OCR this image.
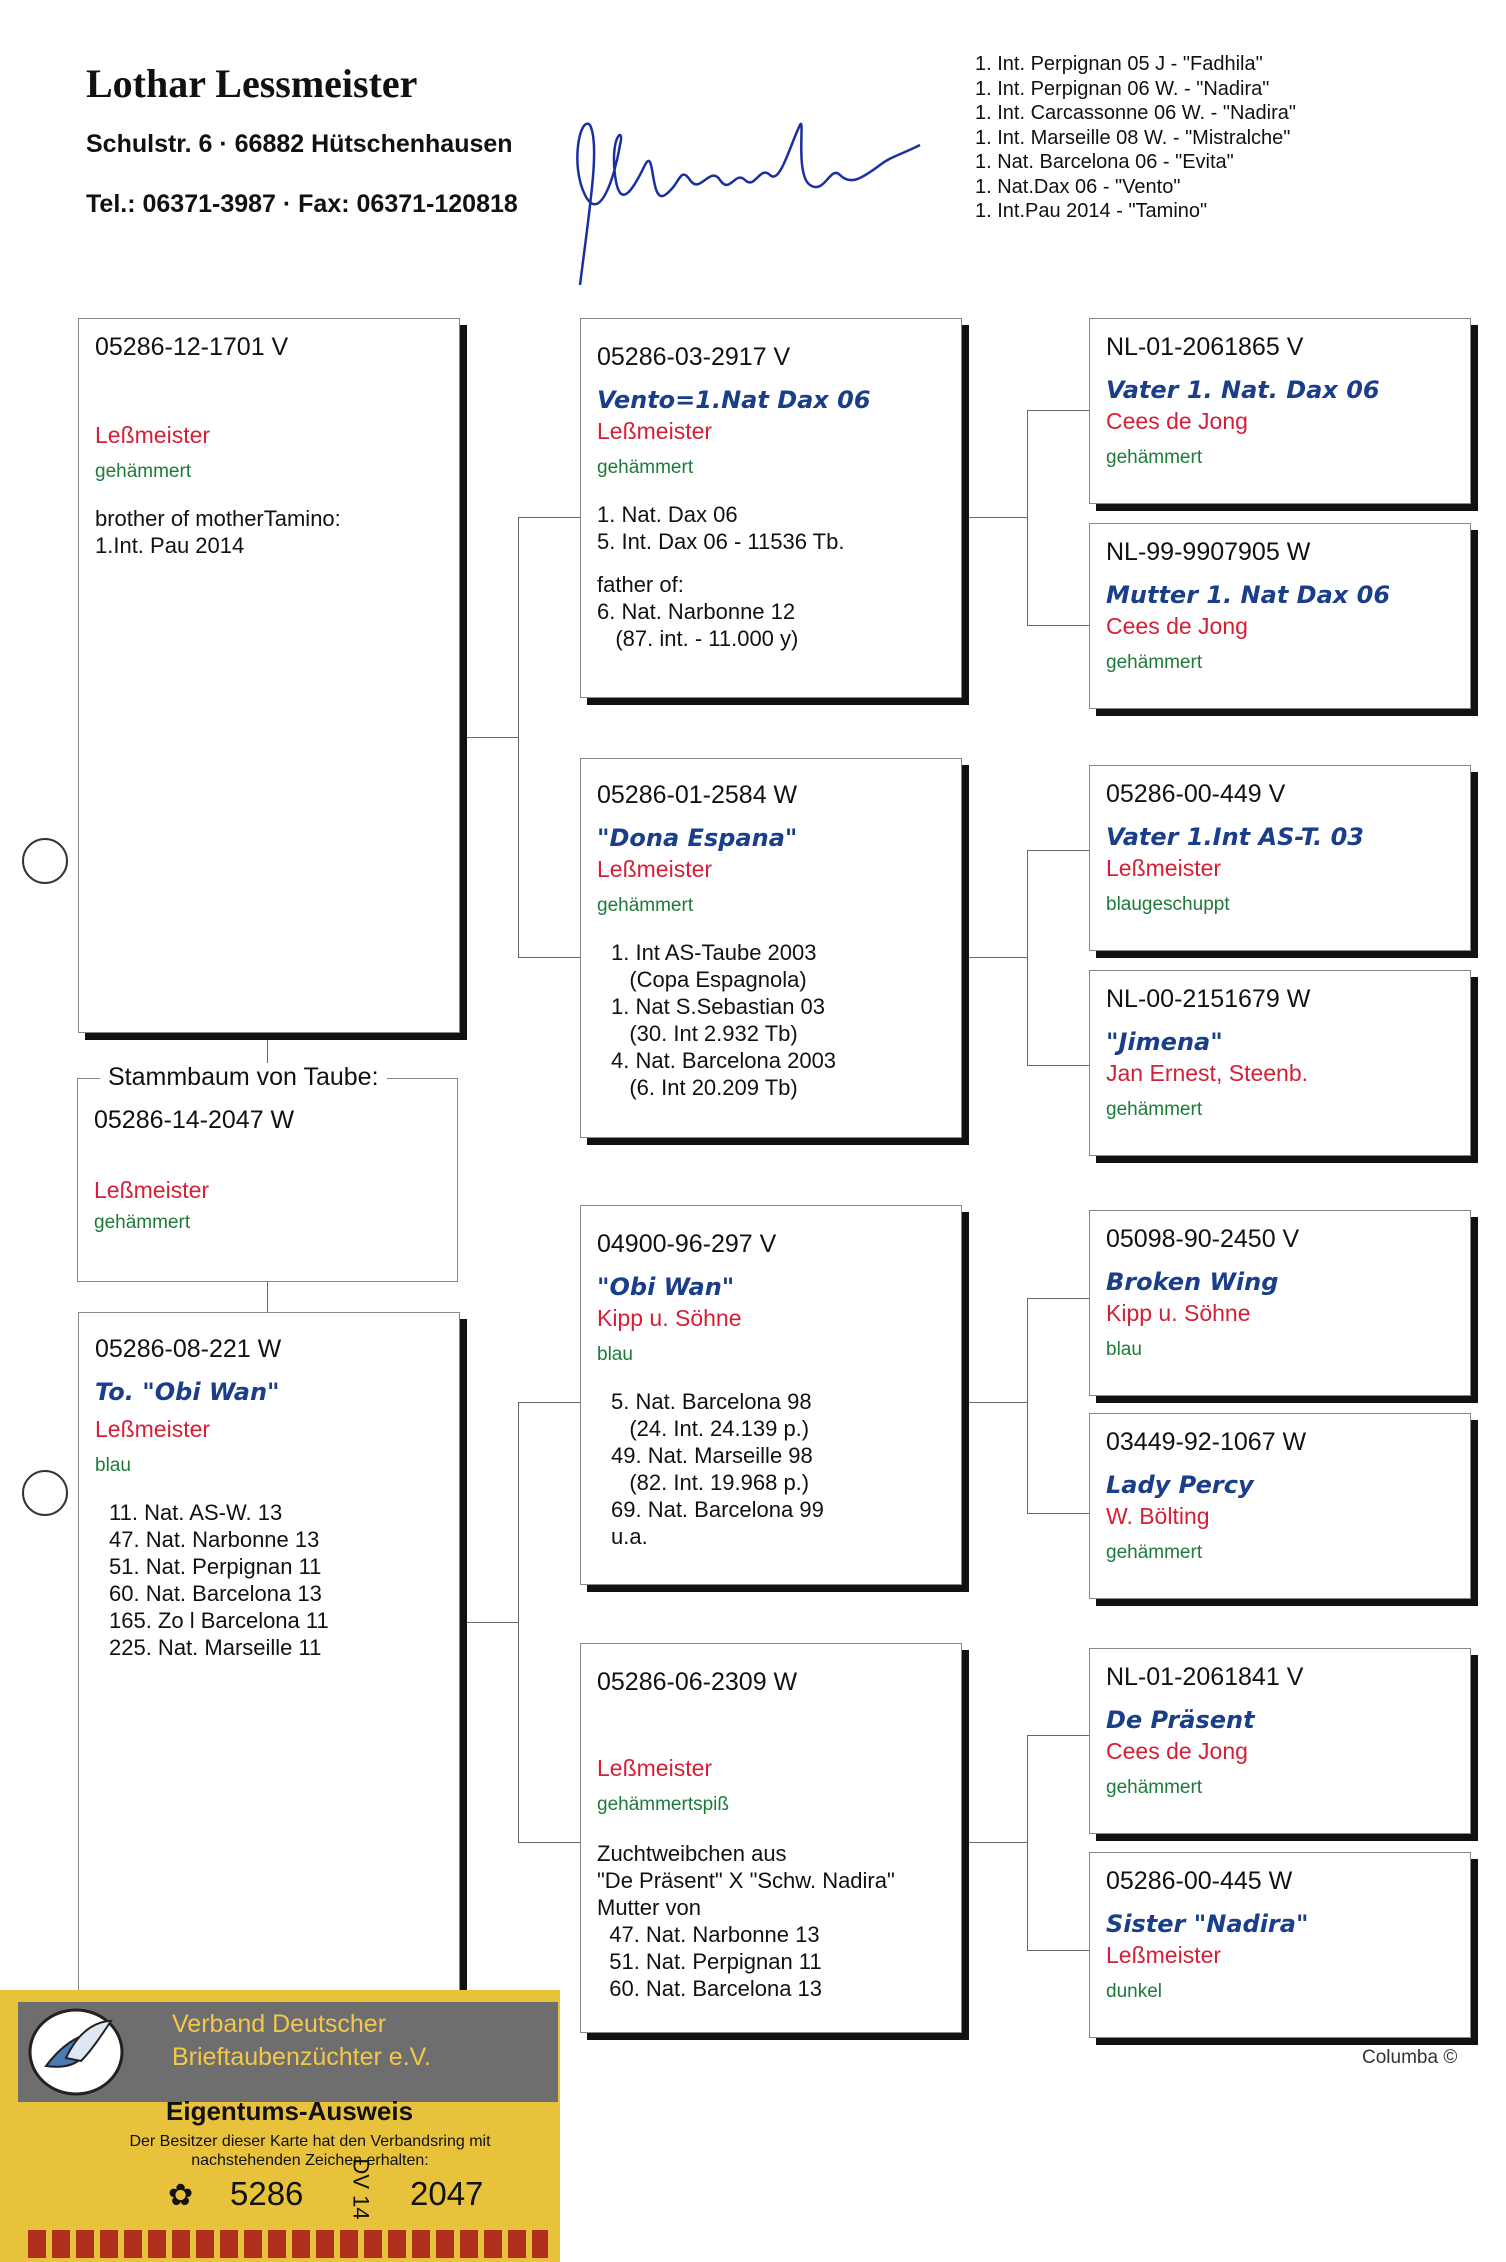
Lothar Lessmeister
Schulstr. 6 · 66882 Hütschenhausen
Tel.: 06371-3987 · Fax: 06371-120818
1. Int. Perpignan 05 J - "Fadhila"
1. Int. Perpignan 06 W. - "Nadira"
1. Int. Carcassonne 06 W. - "Nadira"
1. Int. Marseille 08 W. - "Mistralche"
1. Nat. Barcelona 06 - "Evita"
1. Nat.Dax 06 - "Vento"
1. Int.Pau 2014 - "Tamino"
05286-12-1701 V
Leßmeister
gehämmert
brother of motherTamino:
1.Int. Pau 2014
Stammbaum von Taube:
05286-14-2047 W
Leßmeister
gehämmert
05286-08-221 W
To. "Obi Wan"
Leßmeister
blau
11. Nat. AS-W. 13
47. Nat. Narbonne 13
51. Nat. Perpignan 11
60. Nat. Barcelona 13
165. Zo l Barcelona 11
225. Nat. Marseille 11
05286-03-2917 V
Vento=1.Nat Dax 06
Leßmeister
gehämmert
1. Nat. Dax 06
5. Int. Dax 06 - 11536 Tb.
father of:
6. Nat. Narbonne 12
(87. int. - 11.000 y)
05286-01-2584 W
"Dona Espana"
Leßmeister
gehämmert
1. Int AS-Taube 2003
(Copa Espagnola)
1. Nat S.Sebastian 03
(30. Int 2.932 Tb)
4. Nat. Barcelona 2003
(6. Int 20.209 Tb)
04900-96-297 V
"Obi Wan"
Kipp u. Söhne
blau
5. Nat. Barcelona 98
(24. Int. 24.139 p.)
49. Nat. Marseille 98
(82. Int. 19.968 p.)
69. Nat. Barcelona 99
u.a.
05286-06-2309 W
Leßmeister
gehämmertspiß
Zuchtweibchen aus
"De Präsent" X "Schw. Nadira"
Mutter von
47. Nat. Narbonne 13
51. Nat. Perpignan 11
60. Nat. Barcelona 13
NL-01-2061865 V
Vater 1. Nat. Dax 06
Cees de Jong
gehämmert
NL-99-9907905 W
Mutter 1. Nat Dax 06
Cees de Jong
gehämmert
05286-00-449 V
Vater 1.Int AS-T. 03
Leßmeister
blaugeschuppt
NL-00-2151679 W
"Jimena"
Jan Ernest, Steenb.
gehämmert
05098-90-2450 V
Broken Wing
Kipp u. Söhne
blau
03449-92-1067 W
Lady Percy
W. Bölting
gehämmert
NL-01-2061841 V
De Präsent
Cees de Jong
gehämmert
05286-00-445 W
Sister "Nadira"
Leßmeister
dunkel
Columba ©
Verband Deutscher
Brieftaubenzüchter e.V.
Eigentums-Ausweis
Der Besitzer dieser Karte hat den Verbandsring mit nachstehenden Zeichen erhalten:
✿ 5286 DV 14 2047
